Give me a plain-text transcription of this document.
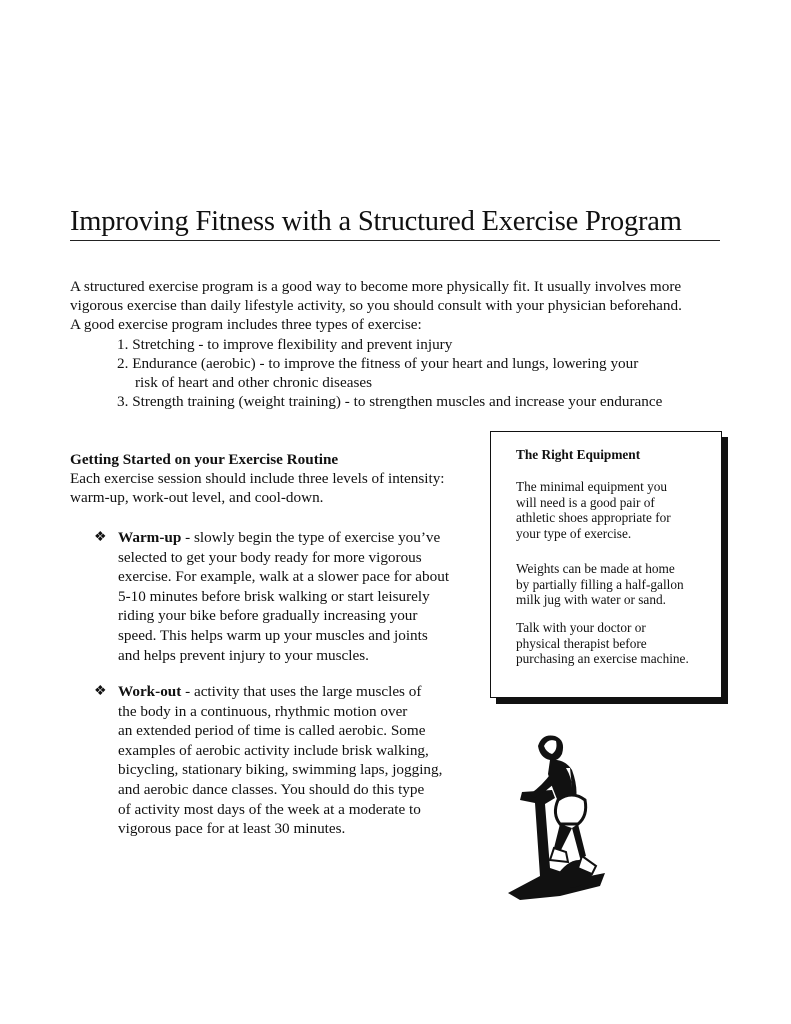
Improving Fitness with a Structured Exercise Program
A structured exercise program is a good way to become more physically fit. It usually involves more
vigorous exercise than daily lifestyle activity, so you should consult with your physician beforehand.
A good exercise program includes three types of exercise:
1. Stretching - to improve flexibility and prevent injury
2. Endurance (aerobic) - to improve the fitness of your heart and lungs, lowering your
risk of heart and other chronic diseases
3. Strength training (weight training) - to strengthen muscles and increase your endurance
Getting Started on your Exercise Routine
Each exercise session should include three levels of intensity:
warm-up, work-out level, and cool-down.
❖ Warm-up - slowly begin the type of exercise you’ve
selected to get your body ready for more vigorous
exercise. For example, walk at a slower pace for about
5-10 minutes before brisk walking or start leisurely
riding your bike before gradually increasing your
speed. This helps warm up your muscles and joints
and helps prevent injury to your muscles.
❖ Work-out - activity that uses the large muscles of
the body in a continuous, rhythmic motion over
an extended period of time is called aerobic. Some
examples of aerobic activity include brisk walking,
bicycling, stationary biking, swimming laps, jogging,
and aerobic dance classes. You should do this type
of activity most days of the week at a moderate to
vigorous pace for at least 30 minutes.
The Right Equipment
The minimal equipment you
will need is a good pair of
athletic shoes appropriate for
your type of exercise.
Weights can be made at home
by partially filling a half-gallon
milk jug with water or sand.
Talk with your doctor or
physical therapist before
purchasing an exercise machine.
